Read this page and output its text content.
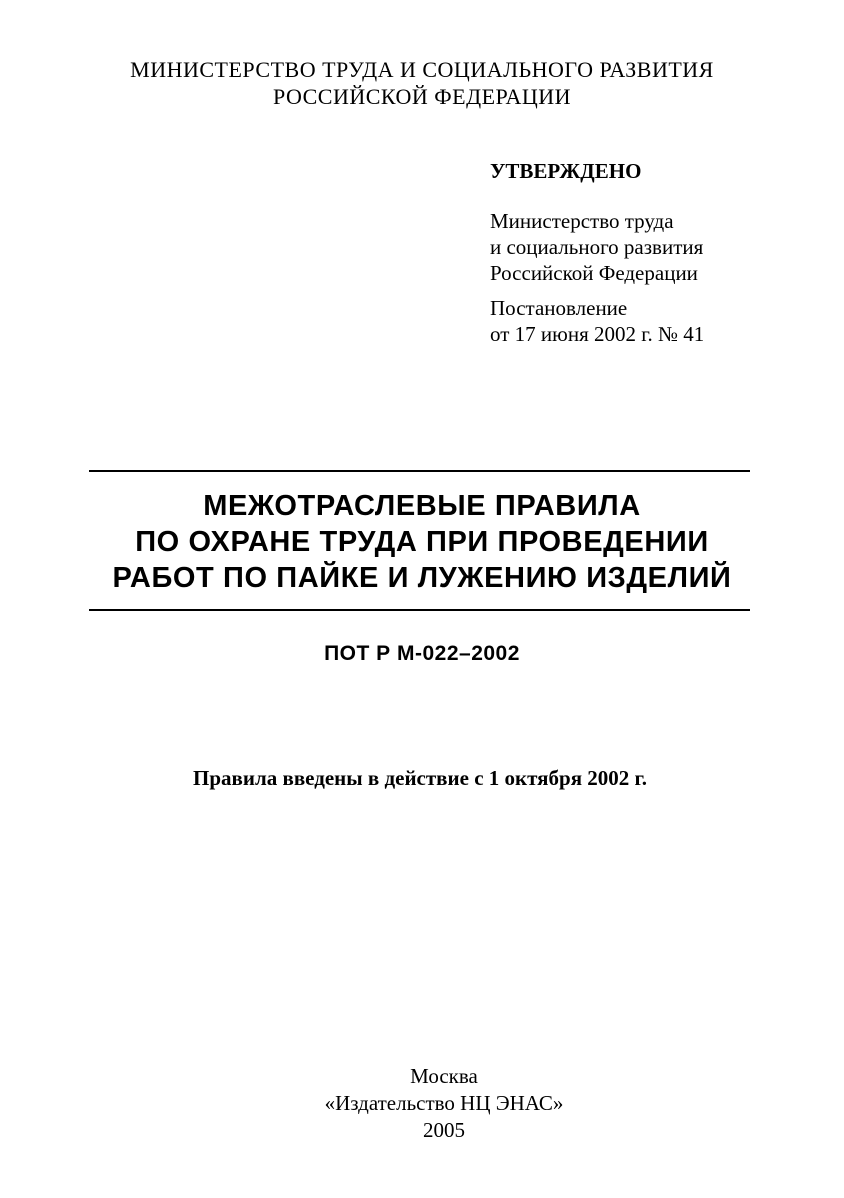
МИНИСТЕРСТВО ТРУДА И СОЦИАЛЬНОГО РАЗВИТИЯ
РОССИЙСКОЙ ФЕДЕРАЦИИ
УТВЕРЖДЕНО
Министерство труда
и социального развития
Российской Федерации
Постановление
от 17 июня 2002 г. № 41
МЕЖОТРАСЛЕВЫЕ ПРАВИЛА
ПО ОХРАНЕ ТРУДА ПРИ ПРОВЕДЕНИИ
РАБОТ ПО ПАЙКЕ И ЛУЖЕНИЮ ИЗДЕЛИЙ
ПОТ Р М-022–2002
Правила введены в действие с 1 октября 2002 г.
Москва
«Издательство НЦ ЭНАС»
2005
